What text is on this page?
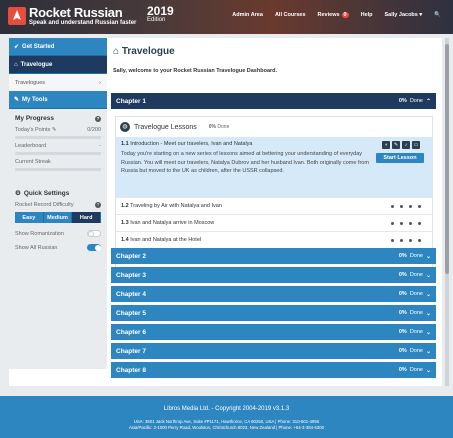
Rocket Russian
Speak and understand Russian faster
2019
Edition
Admin Area All Courses Reviews 0	Help Sally Jacobs ▾ 🔍
➶ Get Started
⌂ Travelogue
Travelogues	›
✎ My Tools
My Progress	?
Today's Points ✎	0/200
Leaderboard	-
Current Streak
⚙ Quick Settings
Rocket Record Difficulty	?
Easy	Medium	Hard
Show Romanization
Show All Russian
⌂ Travelogue
Sally, welcome to your Rocket Russian Travelogue Dashboard.
Chapter 1	0% Done ⌃
◍ Travelogue Lessons 0% Done
1.1 Introduction - Meet our travelers, Ivan and Natalya
Today you're starting on a new series of lessons aimed at bettering your understanding of everyday Russian. You will meet our travelers, Natalya Dubrov and her husband Ivan. Both originally come from Russia but moved to the UK as children, after the USSR collapsed.
◖	✎	♪	▭
Start Lesson
1.2 Traveling by Air with Natalya and Ivan
1.3 Ivan and Natalya arrive in Moscow
1.4 Ivan and Natalya at the Hotel
Chapter 2	0% Done ⌄
Chapter 3	0% Done ⌄
Chapter 4	0% Done ⌄
Chapter 5	0% Done ⌄
Chapter 6	0% Done ⌄
Chapter 7	0% Done ⌄
Chapter 8	0% Done ⌄
Libros Media Ltd. - Copyright 2004-2019 v3.1.3
USA: 3501 Jack Northrop Ave, Suite #P1171, Hawthorne, CA 90250, USA | Phone: 310-601-4956
Asia/Pacific: 2-1000 Perry Road, Woolston, Christchurch 8023, New Zealand | Phone: +64-3-384-6300
